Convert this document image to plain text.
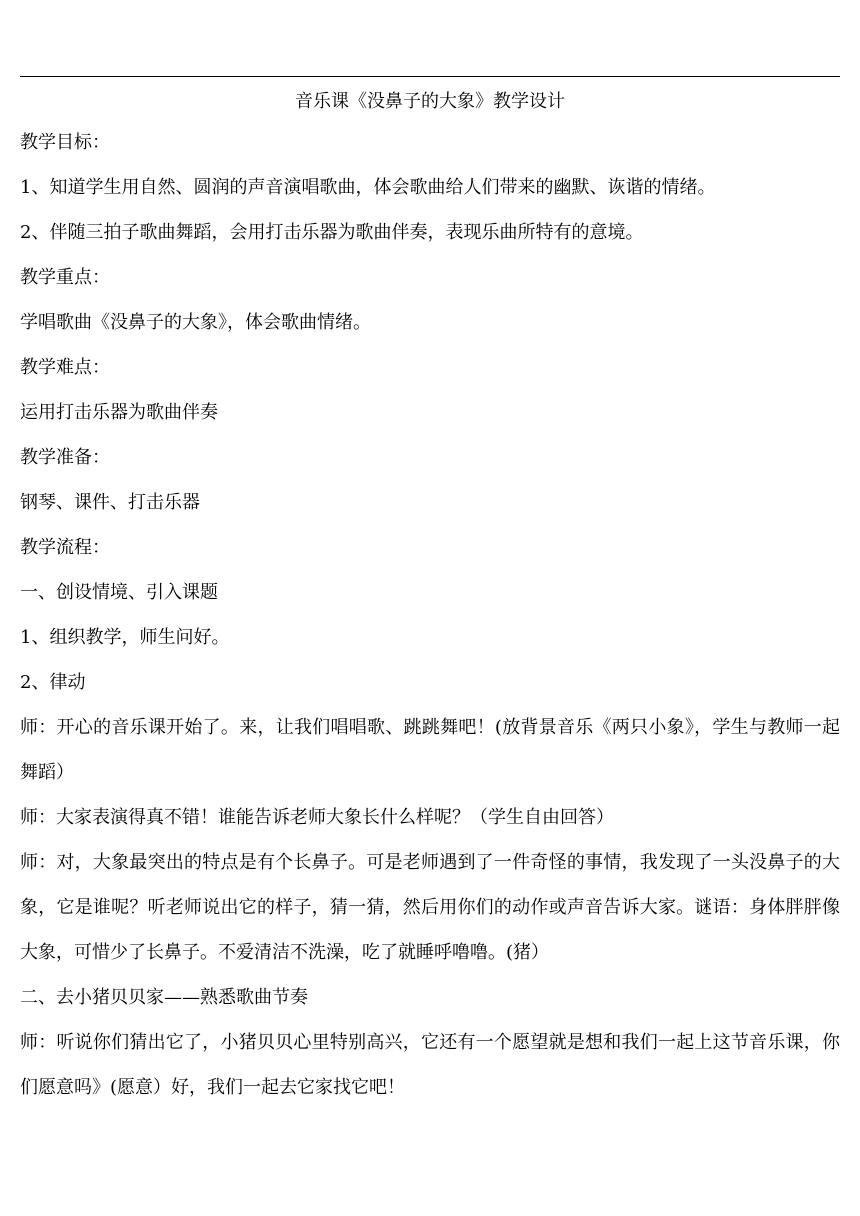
音乐课《没鼻子的大象》教学设计

教学目标：

1、知道学生用自然、圆润的声音演唱歌曲，体会歌曲给人们带来的幽默、诙谐的情绪。

2、伴随三拍子歌曲舞蹈，会用打击乐器为歌曲伴奏，表现乐曲所特有的意境。

教学重点：

学唱歌曲《没鼻子的大象》，体会歌曲情绪。

教学难点：

运用打击乐器为歌曲伴奏

教学准备：

钢琴、课件、打击乐器

教学流程：

一、创设情境、引入课题

1、组织教学，师生问好。

2、律动

师：开心的音乐课开始了。来，让我们唱唱歌、跳跳舞吧！(放背景音乐《两只小象》，学生与教师一起舞蹈）

师：大家表演得真不错！谁能告诉老师大象长什么样呢？（学生自由回答）

师：对，大象最突出的特点是有个长鼻子。可是老师遇到了一件奇怪的事情，我发现了一头没鼻子的大象，它是谁呢？听老师说出它的样子，猜一猜，然后用你们的动作或声音告诉大家。谜语：身体胖胖像大象，可惜少了长鼻子。不爱清洁不洗澡，吃了就睡呼噜噜。(猪）

二、去小猪贝贝家——熟悉歌曲节奏

师：听说你们猜出它了，小猪贝贝心里特别高兴，它还有一个愿望就是想和我们一起上这节音乐课，你们愿意吗》(愿意）好，我们一起去它家找它吧！
